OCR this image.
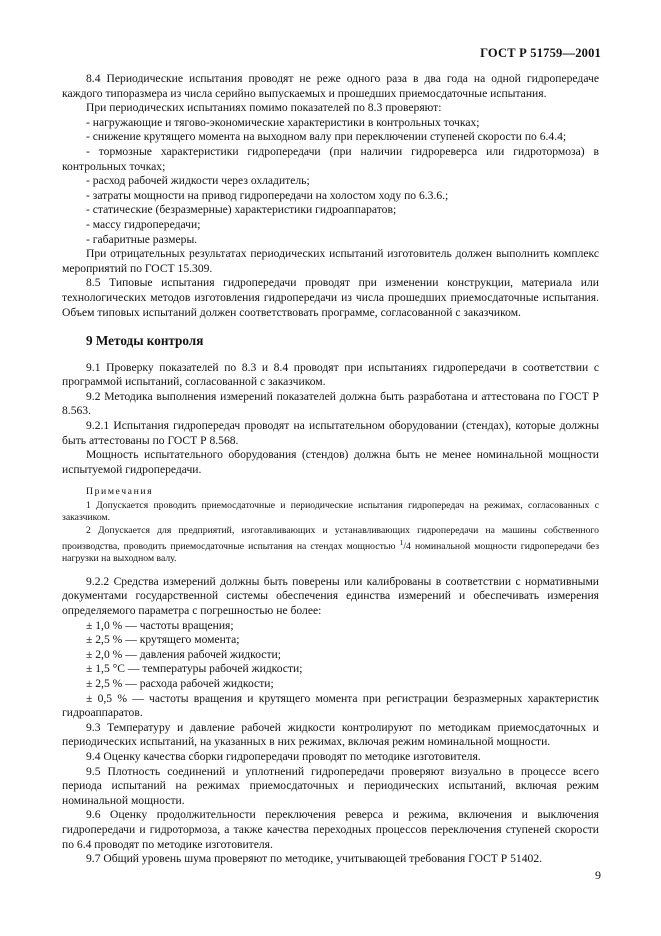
ГОСТ Р 51759—2001

8.4 Периодические испытания проводят не реже одного раза в два года на одной гидропередаче каждого типоразмера из числа серийно выпускаемых и прошедших приемосдаточные испытания.

При периодических испытаниях помимо показателей по 8.3 проверяют:

- нагружающие и тягово-экономические характеристики в контрольных точках;

- снижение крутящего момента на выходном валу при переключении ступеней скорости по 6.4.4;

- тормозные характеристики гидропередачи (при наличии гидрореверса или гидротормоза) в контрольных точках;

- расход рабочей жидкости через охладитель;

- затраты мощности на привод гидропередачи на холостом ходу по 6.3.6.;

- статические (безразмерные) характеристики гидроаппаратов;

- массу гидропередачи;

- габаритные размеры.

При отрицательных результатах периодических испытаний изготовитель должен выполнить комплекс мероприятий по ГОСТ 15.309.

8.5 Типовые испытания гидропередачи проводят при изменении конструкции, материала или технологических методов изготовления гидропередачи из числа прошедших приемосдаточные испытания. Объем типовых испытаний должен соответствовать программе, согласованной с заказчиком.

9 Методы контроля

9.1 Проверку показателей по 8.3 и 8.4 проводят при испытаниях гидропередачи в соответствии с программой испытаний, согласованной с заказчиком.

9.2 Методика выполнения измерений показателей должна быть разработана и аттестована по ГОСТ Р 8.563.

9.2.1 Испытания гидропередач проводят на испытательном оборудовании (стендах), которые должны быть аттестованы по ГОСТ Р 8.568.

Мощность испытательного оборудования (стендов) должна быть не менее номинальной мощности испытуемой гидропередачи.

Примечания

1 Допускается проводить приемосдаточные и периодические испытания гидропередач на режимах, согласованных с заказчиком.

2 Допускается для предприятий, изготавливающих и устанавливающих гидропередачи на машины собственного производства, проводить приемосдаточные испытания на стендах мощностью $^1$/4 номинальной мощности гидропередачи без нагрузки на выходном валу.

9.2.2 Средства измерений должны быть поверены или калиброваны в соответствии с нормативными документами государственной системы обеспечения единства измерений и обеспечивать измерения определяемого параметра с погрешностью не более:

± 1,0 % — частоты вращения;

± 2,5 % — крутящего момента;

± 2,0 % — давления рабочей жидкости;

± 1,5 °С — температуры рабочей жидкости;

± 2,5 % — расхода рабочей жидкости;

± 0,5 % — частоты вращения и крутящего момента при регистрации безразмерных характеристик гидроаппаратов.

9.3 Температуру и давление рабочей жидкости контролируют по методикам приемосдаточных и периодических испытаний, на указанных в них режимах, включая режим номинальной мощности.

9.4 Оценку качества сборки гидропередачи проводят по методике изготовителя.

9.5 Плотность соединений и уплотнений гидропередачи проверяют визуально в процессе всего периода испытаний на режимах приемосдаточных и периодических испытаний, включая режим номинальной мощности.

9.6 Оценку продолжительности переключения реверса и режима, включения и выключения гидропередачи и гидротормоза, а также качества переходных процессов переключения ступеней скорости по 6.4 проводят по методике изготовителя.

9.7 Общий уровень шума проверяют по методике, учитывающей требования ГОСТ Р 51402.

9
